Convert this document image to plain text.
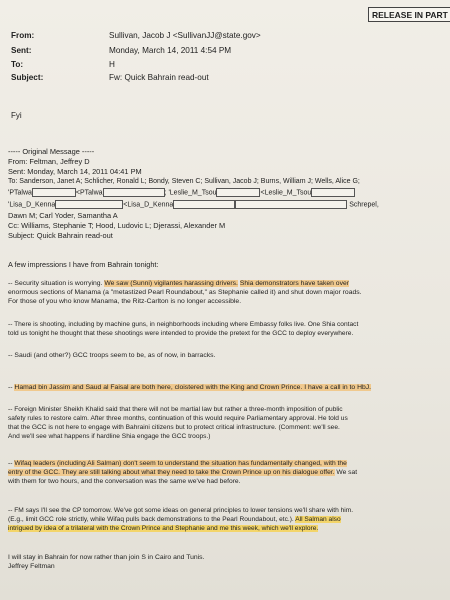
RELEASE IN PART
From:	Sullivan, Jacob J <SullivanJJ@state.gov>
Sent:	Monday, March 14, 2011 4:54 PM
To:	H
Subject:	Fw: Quick Bahrain read-out
Fyi
----- Original Message -----
From: Feltman, Jeffrey D
Sent: Monday, March 14, 2011 04:41 PM
To: Sanderson, Janet A; Schlicher, Ronald L; Bondy, Steven C; Sullivan, Jacob J; Burns, William J; Wells, Alice G;
'PTalwa	<PTalwa	; 'Leslie_M_Tsou	<Leslie_M_Tsou
'Lisa_D_Kenna	<Lisa_D_Kenna	Schrepel,
Dawn M; Carl Yoder, Samantha A
Cc: Williams, Stephanie T; Hood, Ludovic L; Djerassi, Alexander M
Subject: Quick Bahrain read-out
A few impressions I have from Bahrain tonight:
-- Security situation is worrying. We saw (Sunni) vigilantes harassing drivers. Shia demonstrators have taken over
enormous sections of Manama (a "metastized Pearl Roundabout," as Stephanie called it) and shut down major roads.
For those of you who know Manama, the Ritz-Carlton is no longer accessible.
-- There is shooting, including by machine guns, in neighborhoods including where Embassy folks live. One Shia contact
told us tonight he thought that these shootings were intended to provide the pretext for the GCC to deploy everywhere.
-- Saudi (and other?) GCC troops seem to be, as of now, in barracks.
-- Hamad bin Jassim and Saud al Faisal are both here, cloistered with the King and Crown Prince. I have a call in to HbJ.
-- Foreign Minister Sheikh Khalid said that there will not be martial law but rather a three-month imposition of public
safety rules to restore calm. After three months, continuation of this would require Parliamentary approval. He told us
that the GCC is not here to engage with Bahraini citizens but to protect critical infrastructure. (Comment: we'll see.
And we'll see what happens if hardline Shia engage the GCC troops.)
-- Wifaq leaders (including Ali Salman) don't seem to understand the situation has fundamentally changed, with the
entry of the GCC. They are still talking about what they need to take the Crown Prince up on his dialogue offer. We sat
with them for two hours, and the conversation was the same we've had before.
-- FM says I'll see the CP tomorrow. We've got some ideas on general principles to lower tensions we'll share with him.
(E.g., limit GCC role strictly, while Wifaq pulls back demonstrations to the Pearl Roundabout, etc.). All Salman also
intrigued by idea of a trilateral with the Crown Prince and Stephanie and me this week, which we'll explore.
I will stay in Bahrain for now rather than join S in Cairo and Tunis.
Jeffrey Feltman
